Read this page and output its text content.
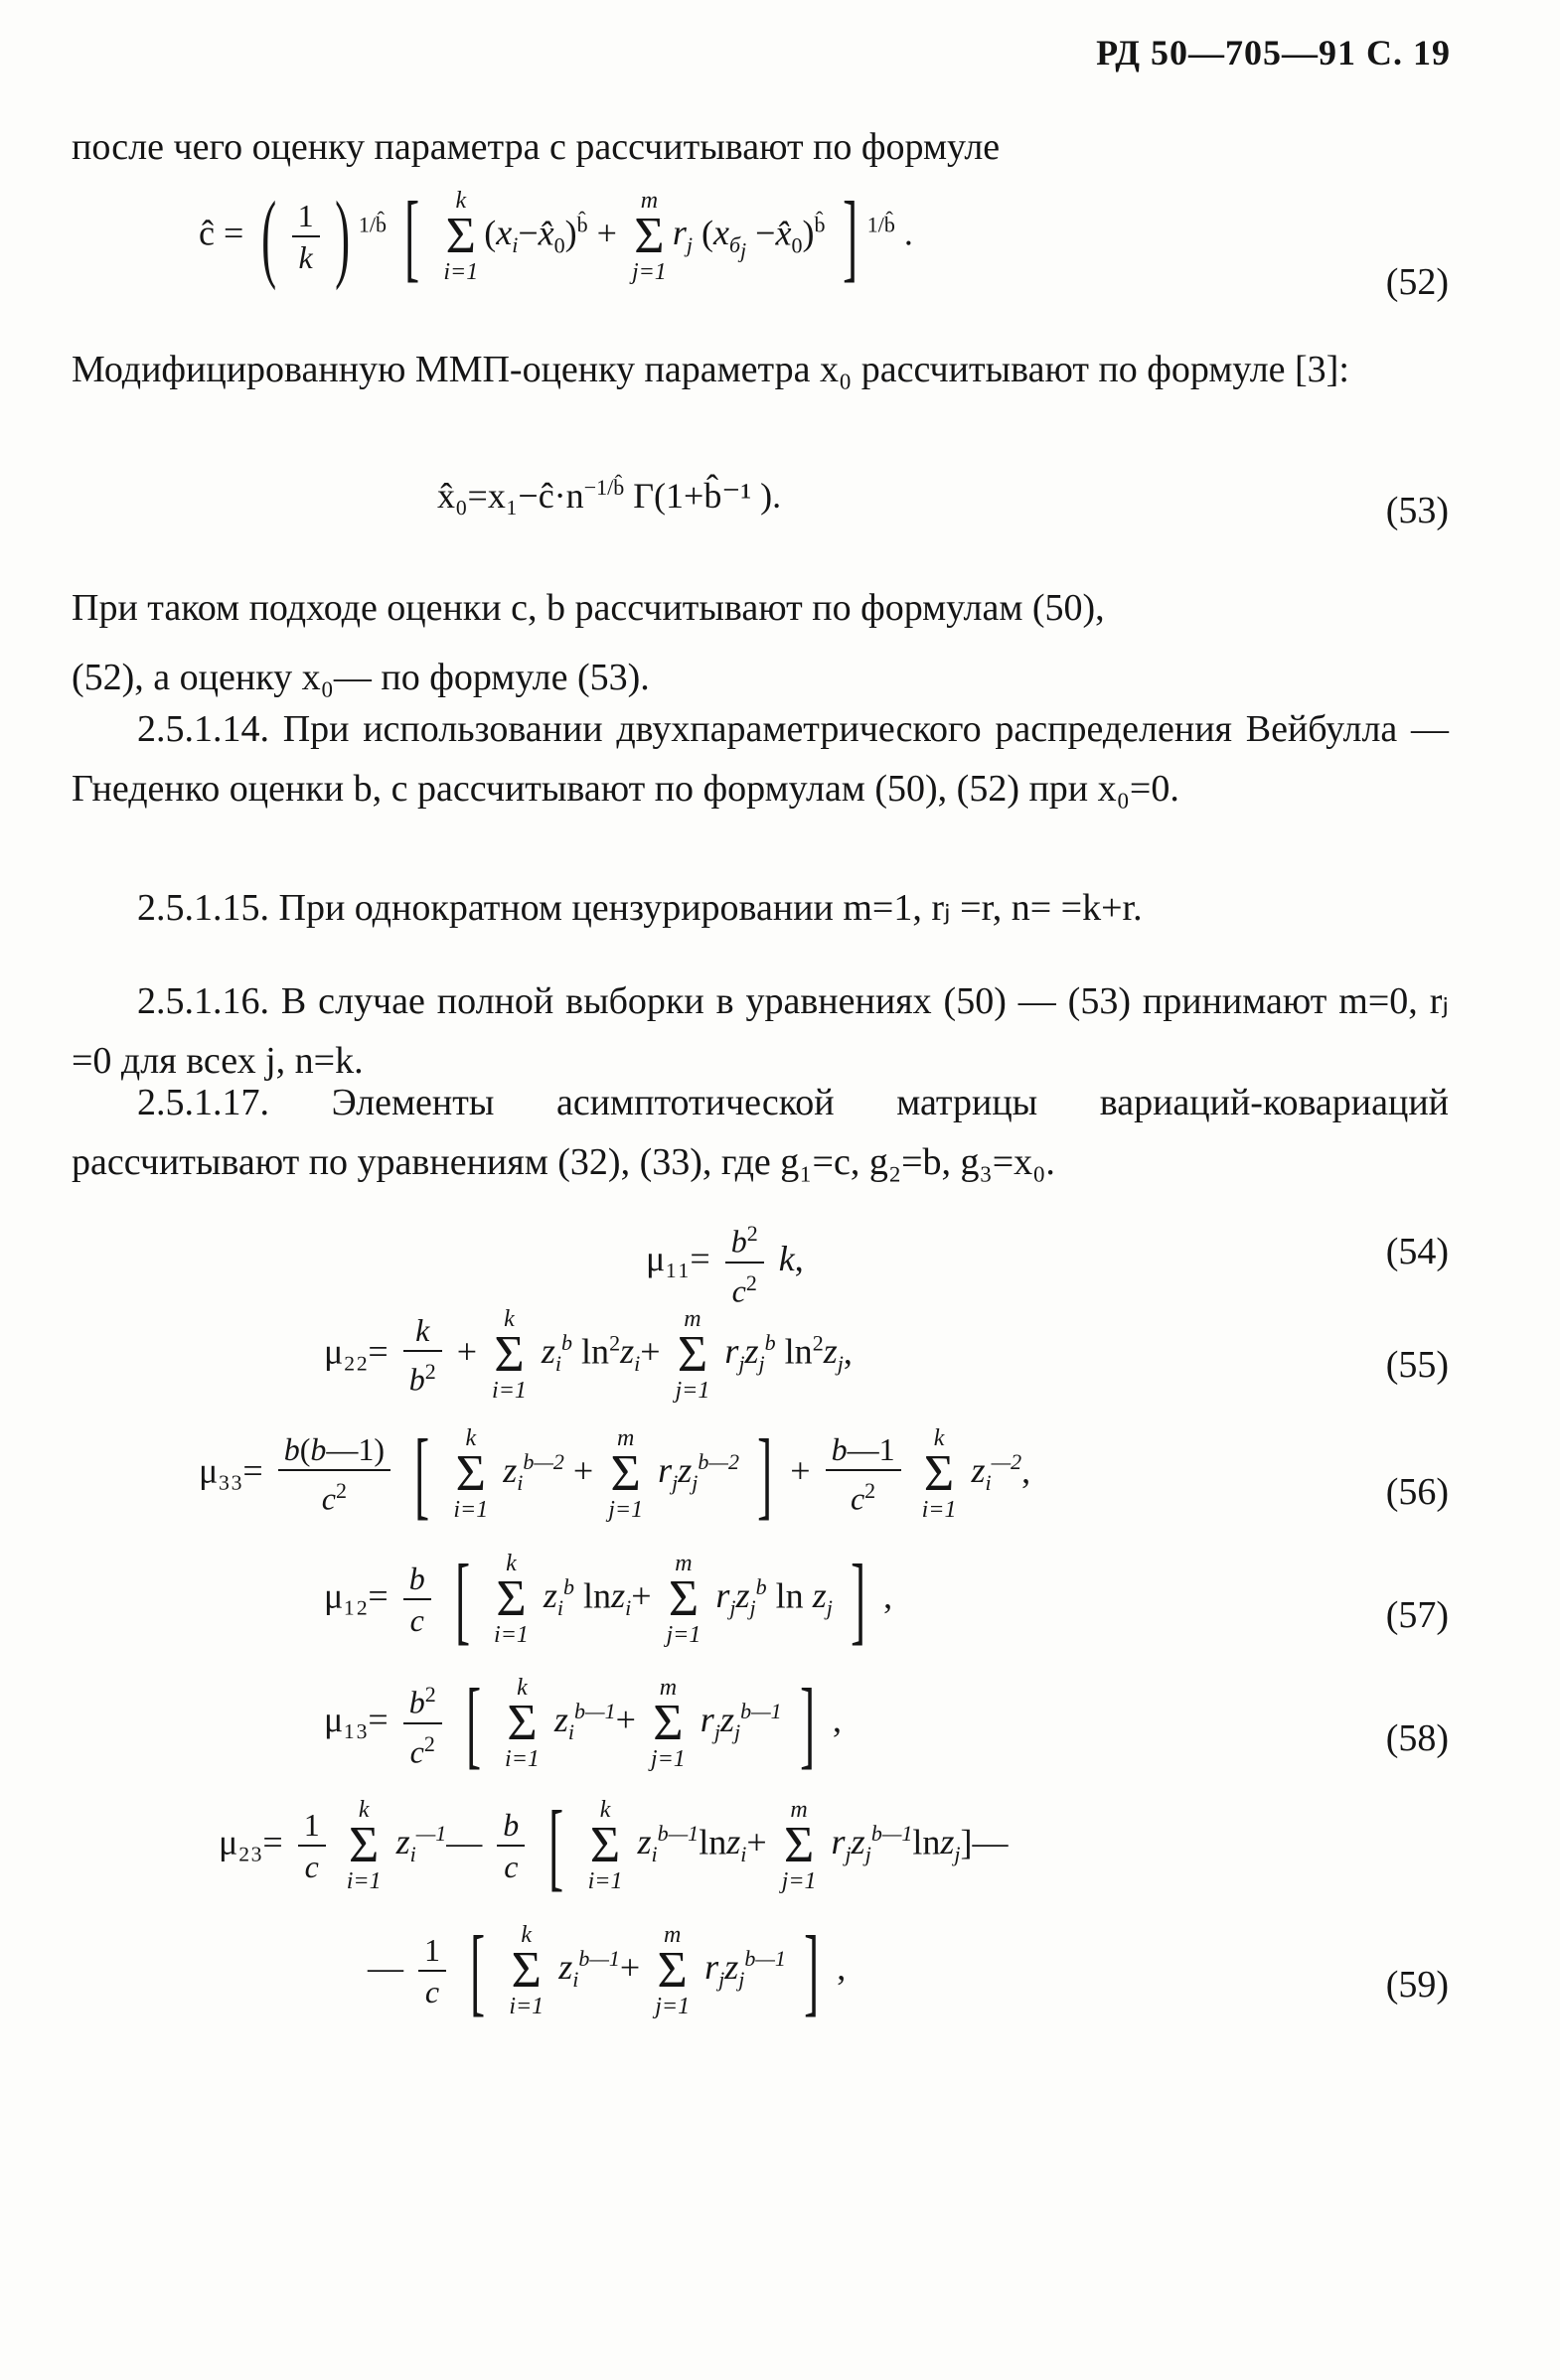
РД 50—705—91 С. 19
после чего оценку параметра c рассчитывают по формуле
ĉ = ( $\frac{1}{k}$ ) $^{1/b̂}$ [	k
Σ
i=1
$(x_i-x̂_0)^{b̂}$ +
m
Σ
j=1
$r_j$ ($x_{б_j}$ $-x̂_0)^{b̂}$ ] $^{1/b̂}$ .
(52)
Модифицированную ММП-оценку параметра x₀ рассчитывают по формуле [3]:
$x̂_0=x_1-ĉ\cdot n^{-1/b̂}$ Г(1+b̂⁻¹ ).	(53)
При таком подходе оценки c, b рассчитывают по формулам (50),
(52), а оценку x₀— по формуле (53).
2.5.1.14. При использовании двухпараметрического распределения Вейбулла — Гнеденко оценки b, c рассчитывают по формулам (50), (52) при x₀=0.
2.5.1.15. При однократном цензурировании m=1, rⱼ =r, n= =k+r.
2.5.1.16. В случае полной выборки в уравнениях (50) — (53) принимают m=0, rⱼ =0 для всех j, n=k.
2.5.1.17. Элементы асимптотической матрицы вариаций-ковариаций рассчитывают по уравнениям (32), (33), где g₁=c, g₂=b, g₃=x₀.
$\mu_{11}= \frac{b^2}{c^2} k$,	(54)
$\mu_{22}= \frac{k}{b^2}$ +
k
Σ
i=1
$z_i^b$ $\ln^2z_i+$
m
Σ
j=1
$r_jz_j^b$ $\ln^2z_j$,	(55)
$\mu_{33}= \frac{b(b—1)}{c^2}$ [	k
Σ
i=1
$z_i^{b—2}$ +
m
Σ
j=1
$r_jz_j^{b—2}$ ] + $\frac{b—1}{c^2}$
	k
Σ
i=1
$z_i^{—2}$,
(56)
$\mu_{12}= \frac{b}{c}$ [	k
Σ
i=1
$z_i^b$ lnz$_i$+
m
Σ
j=1
$r_jz_j^b$ $\ln z_j$ ] ,	(57)
$\mu_{13}= \frac{b^2}{c^2}$ [	k
Σ
i=1
$z_i^{b—1}+$
m
Σ
j=1
$r_jz_j^{b—1}$ ] ,	(58)
$\mu_{23}= \frac{1}{c}$
	k
Σ
i=1
$z_i^{—1}— \frac{b}{c}$ [	k
Σ
i=1
$z_i^{b—1}\ln z_i+$
m
Σ
j=1
$r_jz_j^{b—1}\ln z_j]—$
— $\frac{1}{c}$ [	k
Σ
i=1
$z_i^{b—1}+$
m
Σ
j=1
$r_jz_j^{b—1}$ ] ,	(59)
